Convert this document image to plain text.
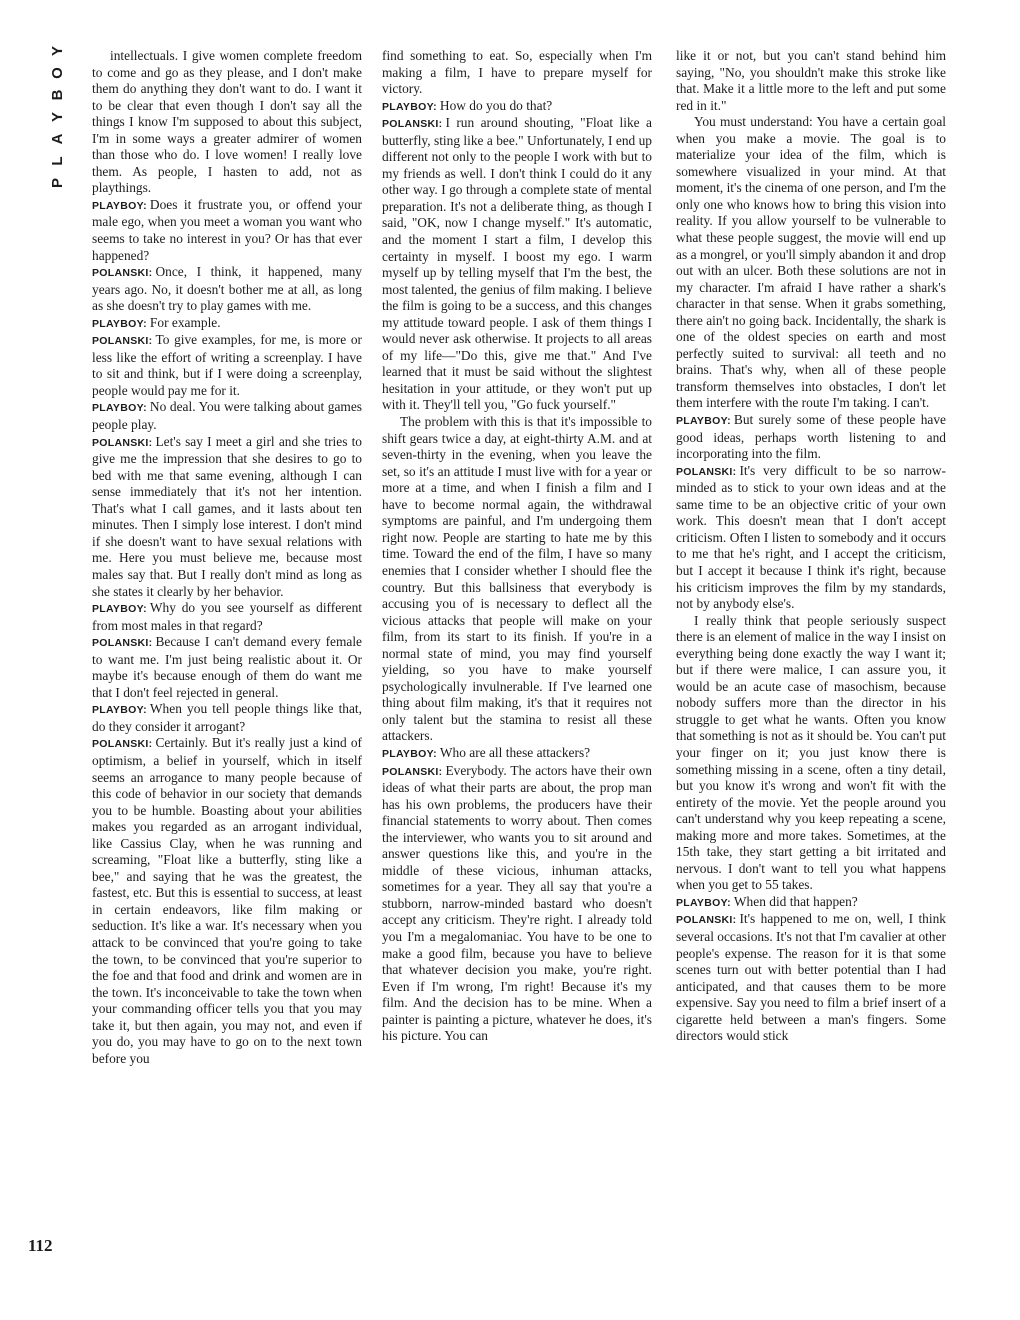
Y
O
B
Y
A
L
P
112

intellectuals. I give women complete freedom to come and go as they please, and I don't make them do anything they don't want to do. I want it to be clear that even though I don't say all the things I know I'm supposed to about this subject, I'm in some ways a greater admirer of women than those who do. I love women! I really love them. As people, I hasten to add, not as playthings.

PLAYBOY: Does it frustrate you, or offend your male ego, when you meet a woman you want who seems to take no interest in you? Or has that ever happened?

POLANSKI: Once, I think, it happened, many years ago. No, it doesn't bother me at all, as long as she doesn't try to play games with me.

PLAYBOY: For example.

POLANSKI: To give examples, for me, is more or less like the effort of writing a screenplay. I have to sit and think, but if I were doing a screenplay, people would pay me for it.

PLAYBOY: No deal. You were talking about games people play.

POLANSKI: Let's say I meet a girl and she tries to give me the impression that she desires to go to bed with me that same evening, although I can sense immediately that it's not her intention. That's what I call games, and it lasts about ten minutes. Then I simply lose interest. I don't mind if she doesn't want to have sexual relations with me. Here you must believe me, because most males say that. But I really don't mind as long as she states it clearly by her behavior.

PLAYBOY: Why do you see yourself as different from most males in that regard?

POLANSKI: Because I can't demand every female to want me. I'm just being realistic about it. Or maybe it's because enough of them do want me that I don't feel rejected in general.

PLAYBOY: When you tell people things like that, do they consider it arrogant?

POLANSKI: Certainly. But it's really just a kind of optimism, a belief in yourself, which in itself seems an arrogance to many people because of this code of behavior in our society that demands you to be humble. Boasting about your abilities makes you regarded as an arrogant individual, like Cassius Clay, when he was running and screaming, "Float like a butterfly, sting like a bee," and saying that he was the greatest, the fastest, etc. But this is essential to success, at least in certain endeavors, like film making or seduction. It's like a war. It's necessary when you attack to be convinced that you're going to take the town, to be convinced that you're superior to the foe and that food and drink and women are in the town. It's inconceivable to take the town when your commanding officer tells you that you may take it, but then again, you may not, and even if you do, you may have to go on to the next town before you

find something to eat. So, especially when I'm making a film, I have to prepare myself for victory.

PLAYBOY: How do you do that?

POLANSKI: I run around shouting, "Float like a butterfly, sting like a bee." Unfortunately, I end up different not only to the people I work with but to my friends as well. I don't think I could do it any other way. I go through a complete state of mental preparation. It's not a deliberate thing, as though I said, "OK, now I change myself." It's automatic, and the moment I start a film, I develop this certainty in myself. I boost my ego. I warm myself up by telling myself that I'm the best, the most talented, the genius of film making. I believe the film is going to be a success, and this changes my attitude toward people. I ask of them things I would never ask otherwise. It projects to all areas of my life—"Do this, give me that." And I've learned that it must be said without the slightest hesitation in your attitude, or they won't put up with it. They'll tell you, "Go fuck yourself."

The problem with this is that it's impossible to shift gears twice a day, at eight-thirty A.M. and at seven-thirty in the evening, when you leave the set, so it's an attitude I must live with for a year or more at a time, and when I finish a film and I have to become normal again, the withdrawal symptoms are painful, and I'm undergoing them right now. People are starting to hate me by this time. Toward the end of the film, I have so many enemies that I consider whether I should flee the country. But this ballsiness that everybody is accusing you of is necessary to deflect all the vicious attacks that people will make on your film, from its start to its finish. If you're in a normal state of mind, you may find yourself yielding, so you have to make yourself psychologically invulnerable. If I've learned one thing about film making, it's that it requires not only talent but the stamina to resist all these attackers.

PLAYBOY: Who are all these attackers?

POLANSKI: Everybody. The actors have their own ideas of what their parts are about, the prop man has his own problems, the producers have their financial statements to worry about. Then comes the interviewer, who wants you to sit around and answer questions like this, and you're in the middle of these vicious, inhuman attacks, sometimes for a year. They all say that you're a stubborn, narrow-minded bastard who doesn't accept any criticism. They're right. I already told you I'm a megalomaniac. You have to be one to make a good film, because you have to believe that whatever decision you make, you're right. Even if I'm wrong, I'm right! Because it's my film. And the decision has to be mine. When a painter is painting a picture, whatever he does, it's his picture. You can

like it or not, but you can't stand behind him saying, "No, you shouldn't make this stroke like that. Make it a little more to the left and put some red in it."

You must understand: You have a certain goal when you make a movie. The goal is to materialize your idea of the film, which is somewhere visualized in your mind. At that moment, it's the cinema of one person, and I'm the only one who knows how to bring this vision into reality. If you allow yourself to be vulnerable to what these people suggest, the movie will end up as a mongrel, or you'll simply abandon it and drop out with an ulcer. Both these solutions are not in my character. I'm afraid I have rather a shark's character in that sense. When it grabs something, there ain't no going back. Incidentally, the shark is one of the oldest species on earth and most perfectly suited to survival: all teeth and no brains. That's why, when all of these people transform themselves into obstacles, I don't let them interfere with the route I'm taking. I can't.

PLAYBOY: But surely some of these people have good ideas, perhaps worth listening to and incorporating into the film.

POLANSKI: It's very difficult to be so narrow-minded as to stick to your own ideas and at the same time to be an objective critic of your own work. This doesn't mean that I don't accept criticism. Often I listen to somebody and it occurs to me that he's right, and I accept the criticism, but I accept it because I think it's right, because his criticism improves the film by my standards, not by anybody else's.

I really think that people seriously suspect there is an element of malice in the way I insist on everything being done exactly the way I want it; but if there were malice, I can assure you, it would be an acute case of masochism, because nobody suffers more than the director in his struggle to get what he wants. Often you know that something is not as it should be. You can't put your finger on it; you just know there is something missing in a scene, often a tiny detail, but you know it's wrong and won't fit with the entirety of the movie. Yet the people around you can't understand why you keep repeating a scene, making more and more takes. Sometimes, at the 15th take, they start getting a bit irritated and nervous. I don't want to tell you what happens when you get to 55 takes.

PLAYBOY: When did that happen?

POLANSKI: It's happened to me on, well, I think several occasions. It's not that I'm cavalier at other people's expense. The reason for it is that some scenes turn out with better potential than I had anticipated, and that causes them to be more expensive. Say you need to film a brief insert of a cigarette held between a man's fingers. Some directors would stick
